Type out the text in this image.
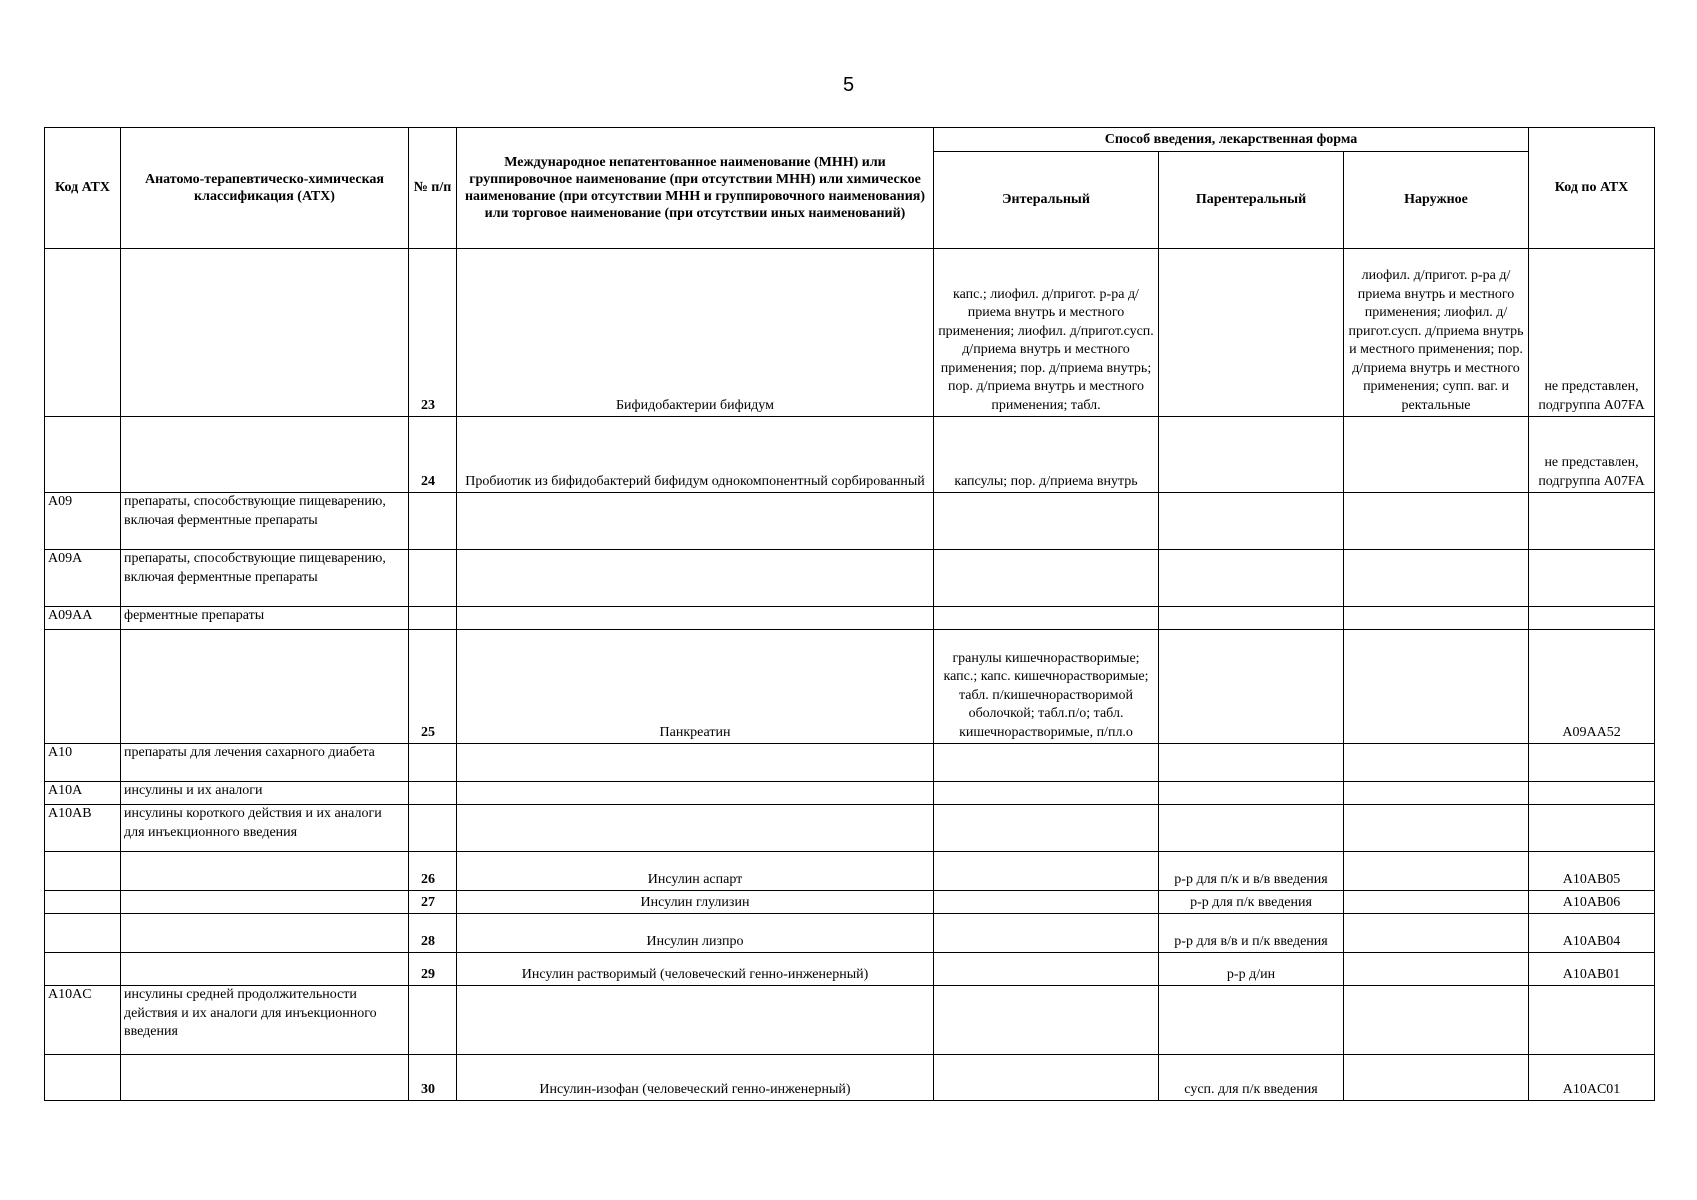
5
Код АТХ	Анатомо-терапевтическо-химическая классификация (АТХ)	№ п/п	Международное непатентованное наименование (МНН) или группировочное наименование (при отсутствии МНН) или химическое наименование (при отсутствии МНН и группировочного наименования) или торговое наименование (при отсутствии иных наименований)	Способ введения, лекарственная форма			Код по АТХ
				Энтеральный	Парентеральный	Наружное	
		23	Бифидобактерии бифидум	капс.; лиофил. д/пригот. р-ра д/приема внутрь и местного применения; лиофил. д/пригот.сусп. д/приема внутрь и местного применения; пор. д/приема внутрь; пор. д/приема внутрь и местного применения; табл.		лиофил. д/пригот. р-ра д/приема внутрь и местного применения; лиофил. д/пригот.сусп. д/приема внутрь и местного применения; пор. д/приема внутрь и местного применения; супп. ваг. и ректальные	не представлен, подгруппа A07FA
		24	Пробиотик из бифидобактерий бифидум однокомпонентный сорбированный	капсулы; пор. д/приема внутрь			не представлен, подгруппа A07FA
A09	препараты, способствующие пищеварению, включая ферментные препараты						
A09A	препараты, способствующие пищеварению, включая ферментные препараты						
A09AA	ферментные препараты						
		25	Панкреатин	гранулы кишечнорастворимые; капс.; капс. кишечнорастворимые; табл. п/кишечнорастворимой оболочкой; табл.п/о; табл. кишечнорастворимые, п/пл.о			A09AA52
A10	препараты для лечения сахарного диабета						
A10A	инсулины и их аналоги						
A10AB	инсулины короткого действия и их аналоги для инъекционного введения						
		26	Инсулин аспарт		р-р для п/к и в/в введения		A10AB05
		27	Инсулин глулизин		р-р для п/к введения		A10AB06
		28	Инсулин лизпро		р-р для в/в и п/к введения		A10AB04
		29	Инсулин растворимый (человеческий генно-инженерный)		р-р д/ин		A10AB01
A10AC	инсулины средней продолжительности действия и их аналоги для инъекционного введения						
		30	Инсулин-изофан (человеческий генно-инженерный)		сусп. для п/к введения		A10AC01
